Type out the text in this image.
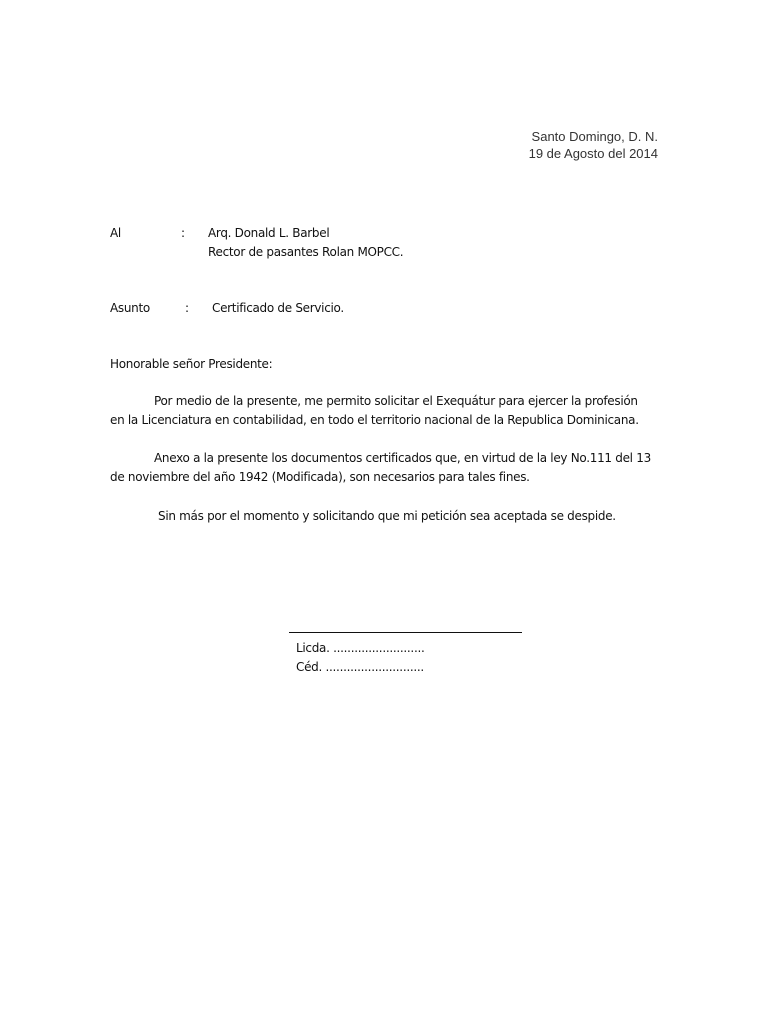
Santo Domingo, D. N.
19 de Agosto del 2014
Al	: Arq. Donald L. Barbel
Rector de pasantes Rolan MOPCC.
Asunto	: Certificado de Servicio.
Honorable señor Presidente:
Por medio de la presente, me permito solicitar el Exequátur para ejercer la profesión
en la Licenciatura en contabilidad, en todo el territorio nacional de la Republica Dominicana.
Anexo a la presente los documentos certificados que, en virtud de la ley No.111 del 13
de noviembre del año 1942 (Modificada), son necesarios para tales fines.
Sin más por el momento y solicitando que mi petición sea aceptada se despide.
Licda. ..........................
Céd. ............................
